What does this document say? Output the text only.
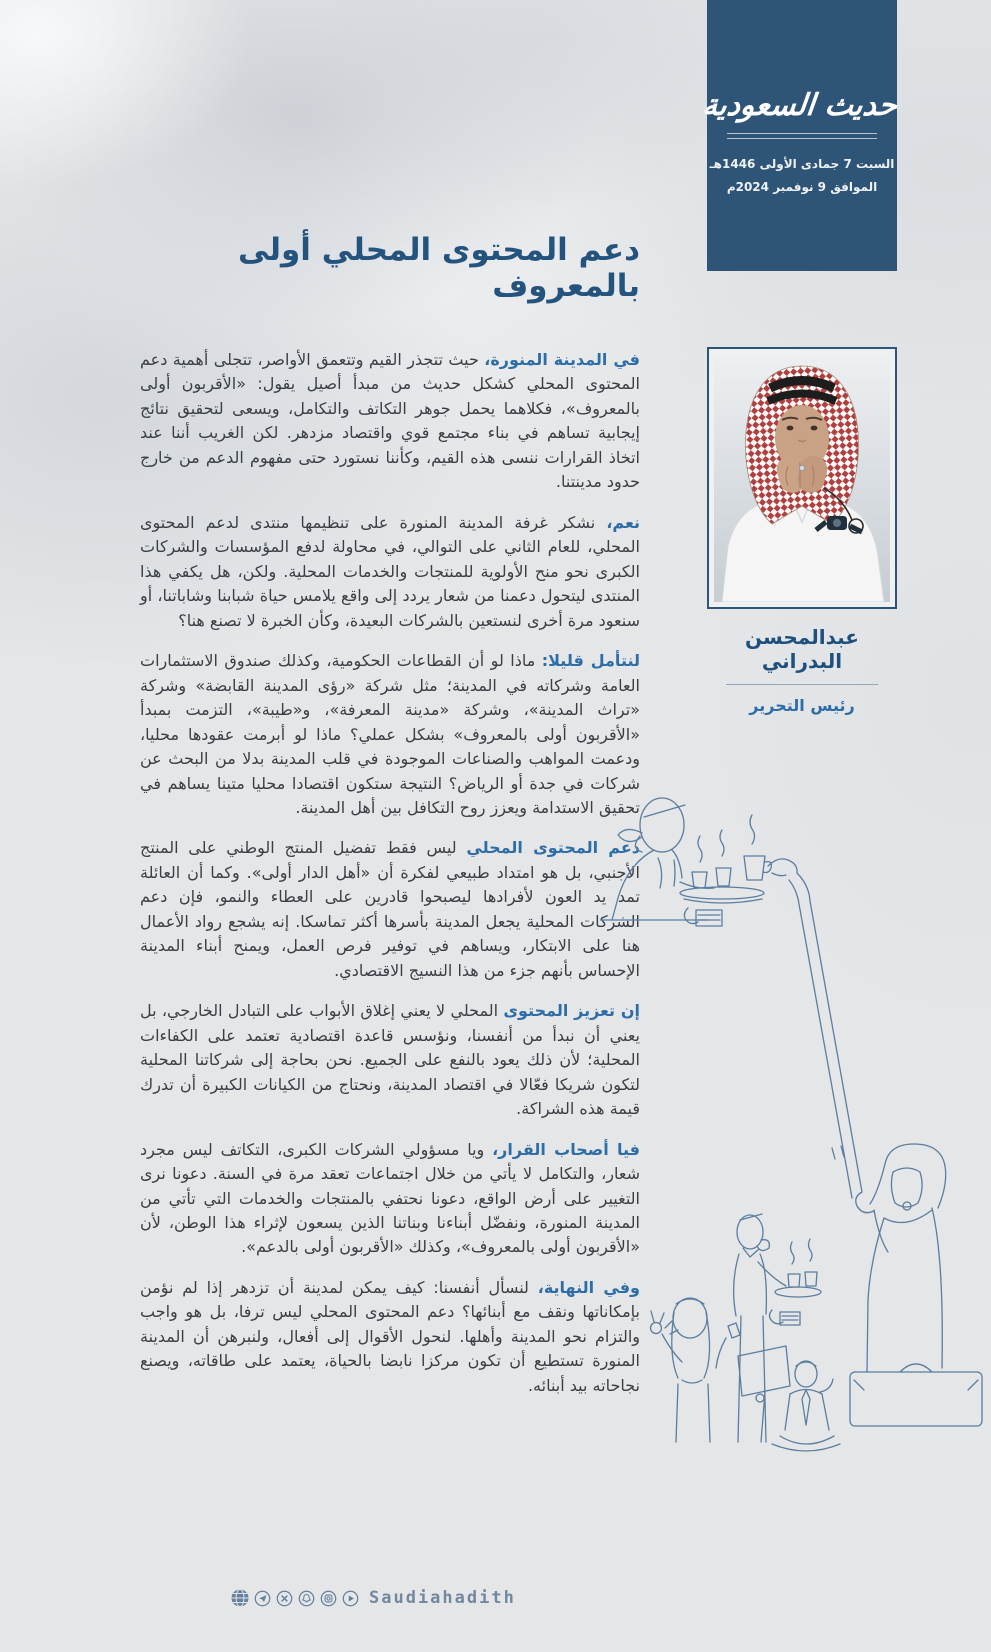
حديث السعودية
السبت 7 جمادى الأولى 1446هـ
الموافق 9 نوفمبر 2024م
عبدالمحسن البدراني
رئيس التحرير
دعم المحتوى المحلي أولى بالمعروف

في المدينة المنورة، حيث تتجذر القيم وتتعمق الأواصر، تتجلى أهمية دعم المحتوى المحلي كشكل حديث من مبدأ أصيل يقول: «الأقربون أولى بالمعروف»، فكلاهما يحمل جوهر التكاتف والتكامل، ويسعى لتحقيق نتائج إيجابية تساهم في بناء مجتمع قوي واقتصاد مزدهر. لكن الغريب أننا عند اتخاذ القرارات ننسى هذه القيم، وكأننا نستورد حتى مفهوم الدعم من خارج حدود مدينتنا.

نعم، نشكر غرفة المدينة المنورة على تنظيمها منتدى لدعم المحتوى المحلي، للعام الثاني على التوالي، في محاولة لدفع المؤسسات والشركات الكبرى نحو منح الأولوية للمنتجات والخدمات المحلية. ولكن، هل يكفي هذا المنتدى ليتحول دعمنا من شعار يردد إلى واقع يلامس حياة شبابنا وشاباتنا، أو سنعود مرة أخرى لنستعين بالشركات البعيدة، وكأن الخبرة لا تصنع هنا؟

لنتأمل قليلا: ماذا لو أن القطاعات الحكومية، وكذلك صندوق الاستثمارات العامة وشركاته في المدينة؛ مثل شركة «رؤى المدينة القابضة» وشركة «تراث المدينة»، وشركة «مدينة المعرفة»، و«طيبة»، التزمت بمبدأ «الأقربون أولى بالمعروف» بشكل عملي؟ ماذا لو أبرمت عقودها محليا، ودعمت المواهب والصناعات الموجودة في قلب المدينة بدلا من البحث عن شركات في جدة أو الرياض؟ النتيجة ستكون اقتصادا محليا متينا يساهم في تحقيق الاستدامة ويعزز روح التكافل بين أهل المدينة.

دعم المحتوى المحلي ليس فقط تفضيل المنتج الوطني على المنتج الأجنبي، بل هو امتداد طبيعي لفكرة أن «أهل الدار أولى». وكما أن العائلة تمد يد العون لأفرادها ليصبحوا قادرين على العطاء والنمو، فإن دعم الشركات المحلية يجعل المدينة بأسرها أكثر تماسكا. إنه يشجع رواد الأعمال هنا على الابتكار، ويساهم في توفير فرص العمل، ويمنح أبناء المدينة الإحساس بأنهم جزء من هذا النسيج الاقتصادي.

إن تعزيز المحتوى المحلي لا يعني إغلاق الأبواب على التبادل الخارجي، بل يعني أن نبدأ من أنفسنا، ونؤسس قاعدة اقتصادية تعتمد على الكفاءات المحلية؛ لأن ذلك يعود بالنفع على الجميع. نحن بحاجة إلى شركاتنا المحلية لتكون شريكا فعّالا في اقتصاد المدينة، ونحتاج من الكيانات الكبيرة أن تدرك قيمة هذه الشراكة.

فيا أصحاب القرار، ويا مسؤولي الشركات الكبرى، التكاتف ليس مجرد شعار، والتكامل لا يأتي من خلال اجتماعات تعقد مرة في السنة. دعونا نرى التغيير على أرض الواقع، دعونا نحتفي بالمنتجات والخدمات التي تأتي من المدينة المنورة، ونفضّل أبناءنا وبناتنا الذين يسعون لإثراء هذا الوطن، لأن «الأقربون أولى بالمعروف»، وكذلك «الأقربون أولى بالدعم».

وفي النهاية، لنسأل أنفسنا: كيف يمكن لمدينة أن تزدهر إذا لم نؤمن بإمكاناتها ونقف مع أبنائها؟ دعم المحتوى المحلي ليس ترفا، بل هو واجب والتزام نحو المدينة وأهلها. لنحول الأقوال إلى أفعال، ولنبرهن أن المدينة المنورة تستطيع أن تكون مركزا نابضا بالحياة، يعتمد على طاقاته، ويصنع نجاحاته بيد أبنائه.

Saudiahadith
